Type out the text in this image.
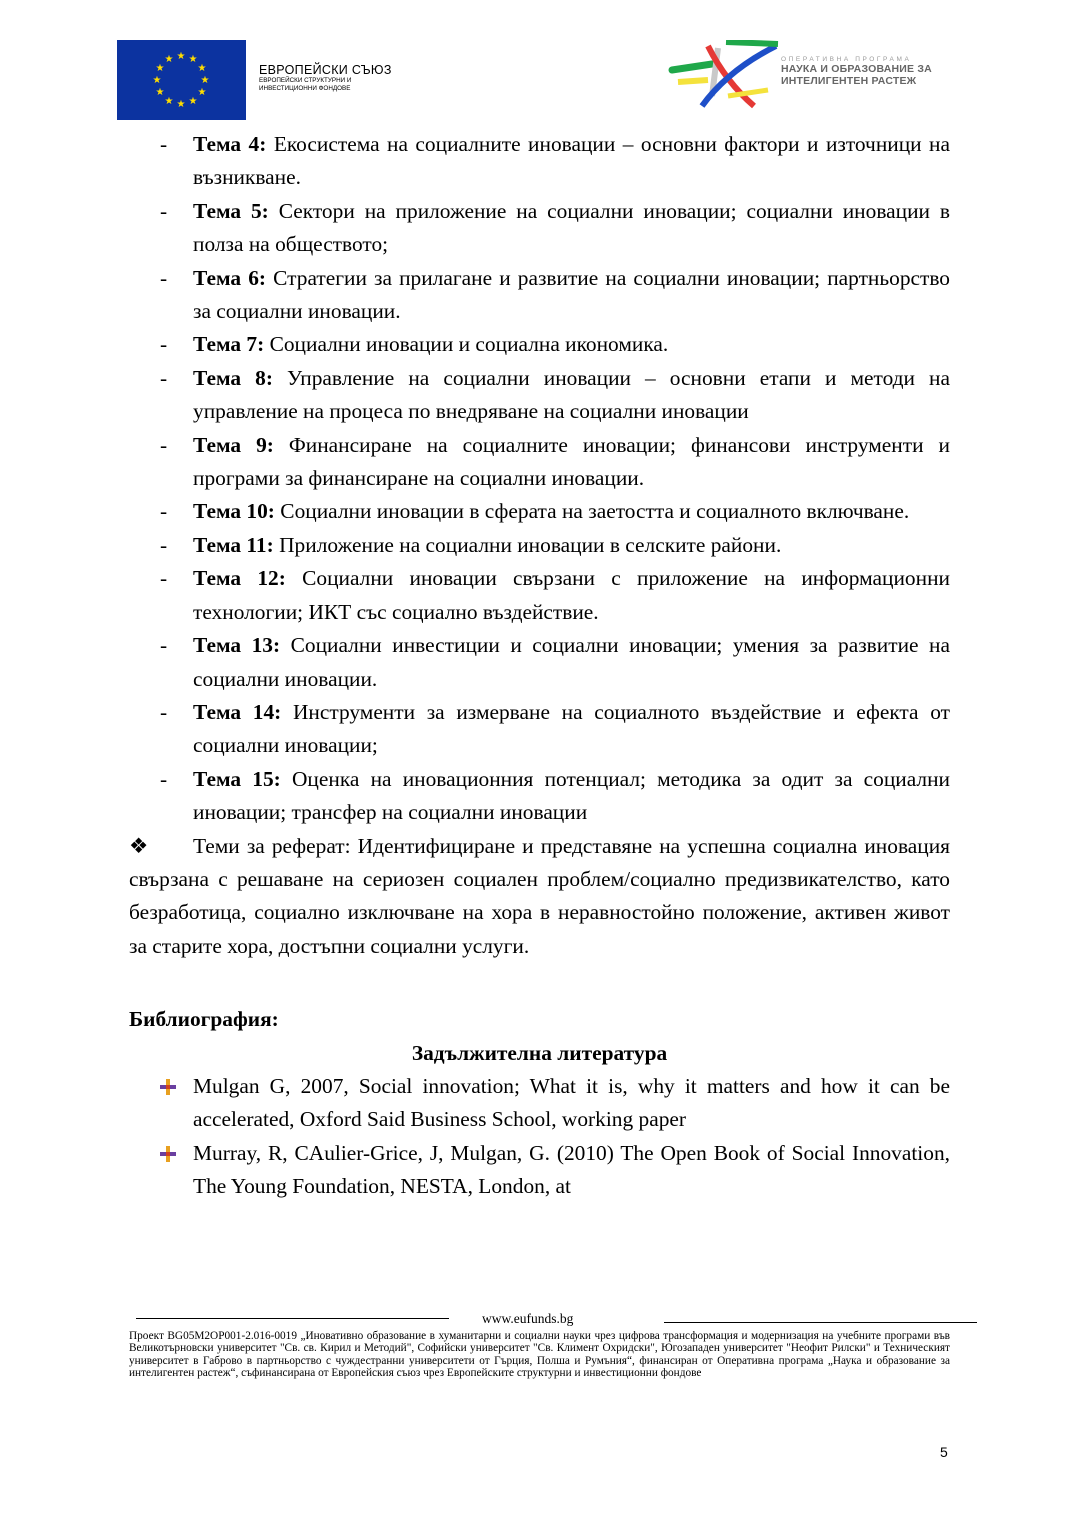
★ ★
★
★
★
★
★
★
★
★
★
★
ЕВРОПЕЙСКИ СЪЮЗ
ЕВРОПЕЙСКИ СТРУКТУРНИ И
ИНВЕСТИЦИОННИ ФОНДОВЕ
ОПЕРАТИВНА ПРОГРАМА
НАУКА И ОБРАЗОВАНИЕ ЗА
ИНТЕЛИГЕНТЕН РАСТЕЖ
- Тема 4: Екосистема на социалните иновации – основни фактори и източници на възникване.
- Тема 5: Сектори на приложение на социални иновации; социални иновации в полза на обществото;
- Тема 6: Стратегии за прилагане и развитие на социални иновации; партньорство за социални иновации.
- Тема 7: Социални иновации и социална икономика.
- Тема 8: Управление на социални иновации – основни етапи и методи на управление на процеса по внедряване на социални иновации
- Тема 9: Финансиране на социалните иновации; финансови инструменти и програми за финансиране на социални иновации.
- Тема 10: Социални иновации в сферата на заетостта и социалното включване.
- Тема 11: Приложение на социални иновации в селските райони.
- Тема 12: Социални иновации свързани с приложение на информационни технологии; ИКТ със социално въздействие.
- Тема 13: Социални инвестиции и социални иновации; умения за развитие на социални иновации.
- Тема 14: Инструменти за измерване на социалното въздействие и ефекта от социални иновации;
- Тема 15: Оценка на иновационния потенциал; методика за одит за социални иновации; трансфер на социални иновации
❖ Теми за реферат: Идентифициране и представяне на успешна социална иновация свързана с решаване на сериозен социален проблем/социално предизвикателство, като безработица, социално изключване на хора в неравностойно положение, активен живот за старите хора, достъпни социални услуги.
Библиография:
Задължителна литература
Mulgan G, 2007, Social innovation; What it is, why it matters and how it can be accelerated, Oxford Said Business School, working paper
Murray, R, CAulier-Grice, J, Mulgan, G. (2010) The Open Book of Social Innovation, The Young Foundation, NESTA, London, at
www.eufunds.bg
Проект BG05M2OP001-2.016-0019 „Иновативно образование в хуманитарни и социални науки чрез цифрова трансформация и модернизация на учебните програми във Великотърновски университет "Св. св. Кирил и Методий", Софийски университет "Св. Климент Охридски", Югозападен университет "Неофит Рилски" и Техническият университет в Габрово в партньорство с чуждестранни университети от Гърция, Полша и Румъния“, финансиран от Оперативна програма „Наука и образование за интелигентен растеж“, съфинансирана от Европейския съюз чрез Европейските структурни и инвестиционни фондове
5
